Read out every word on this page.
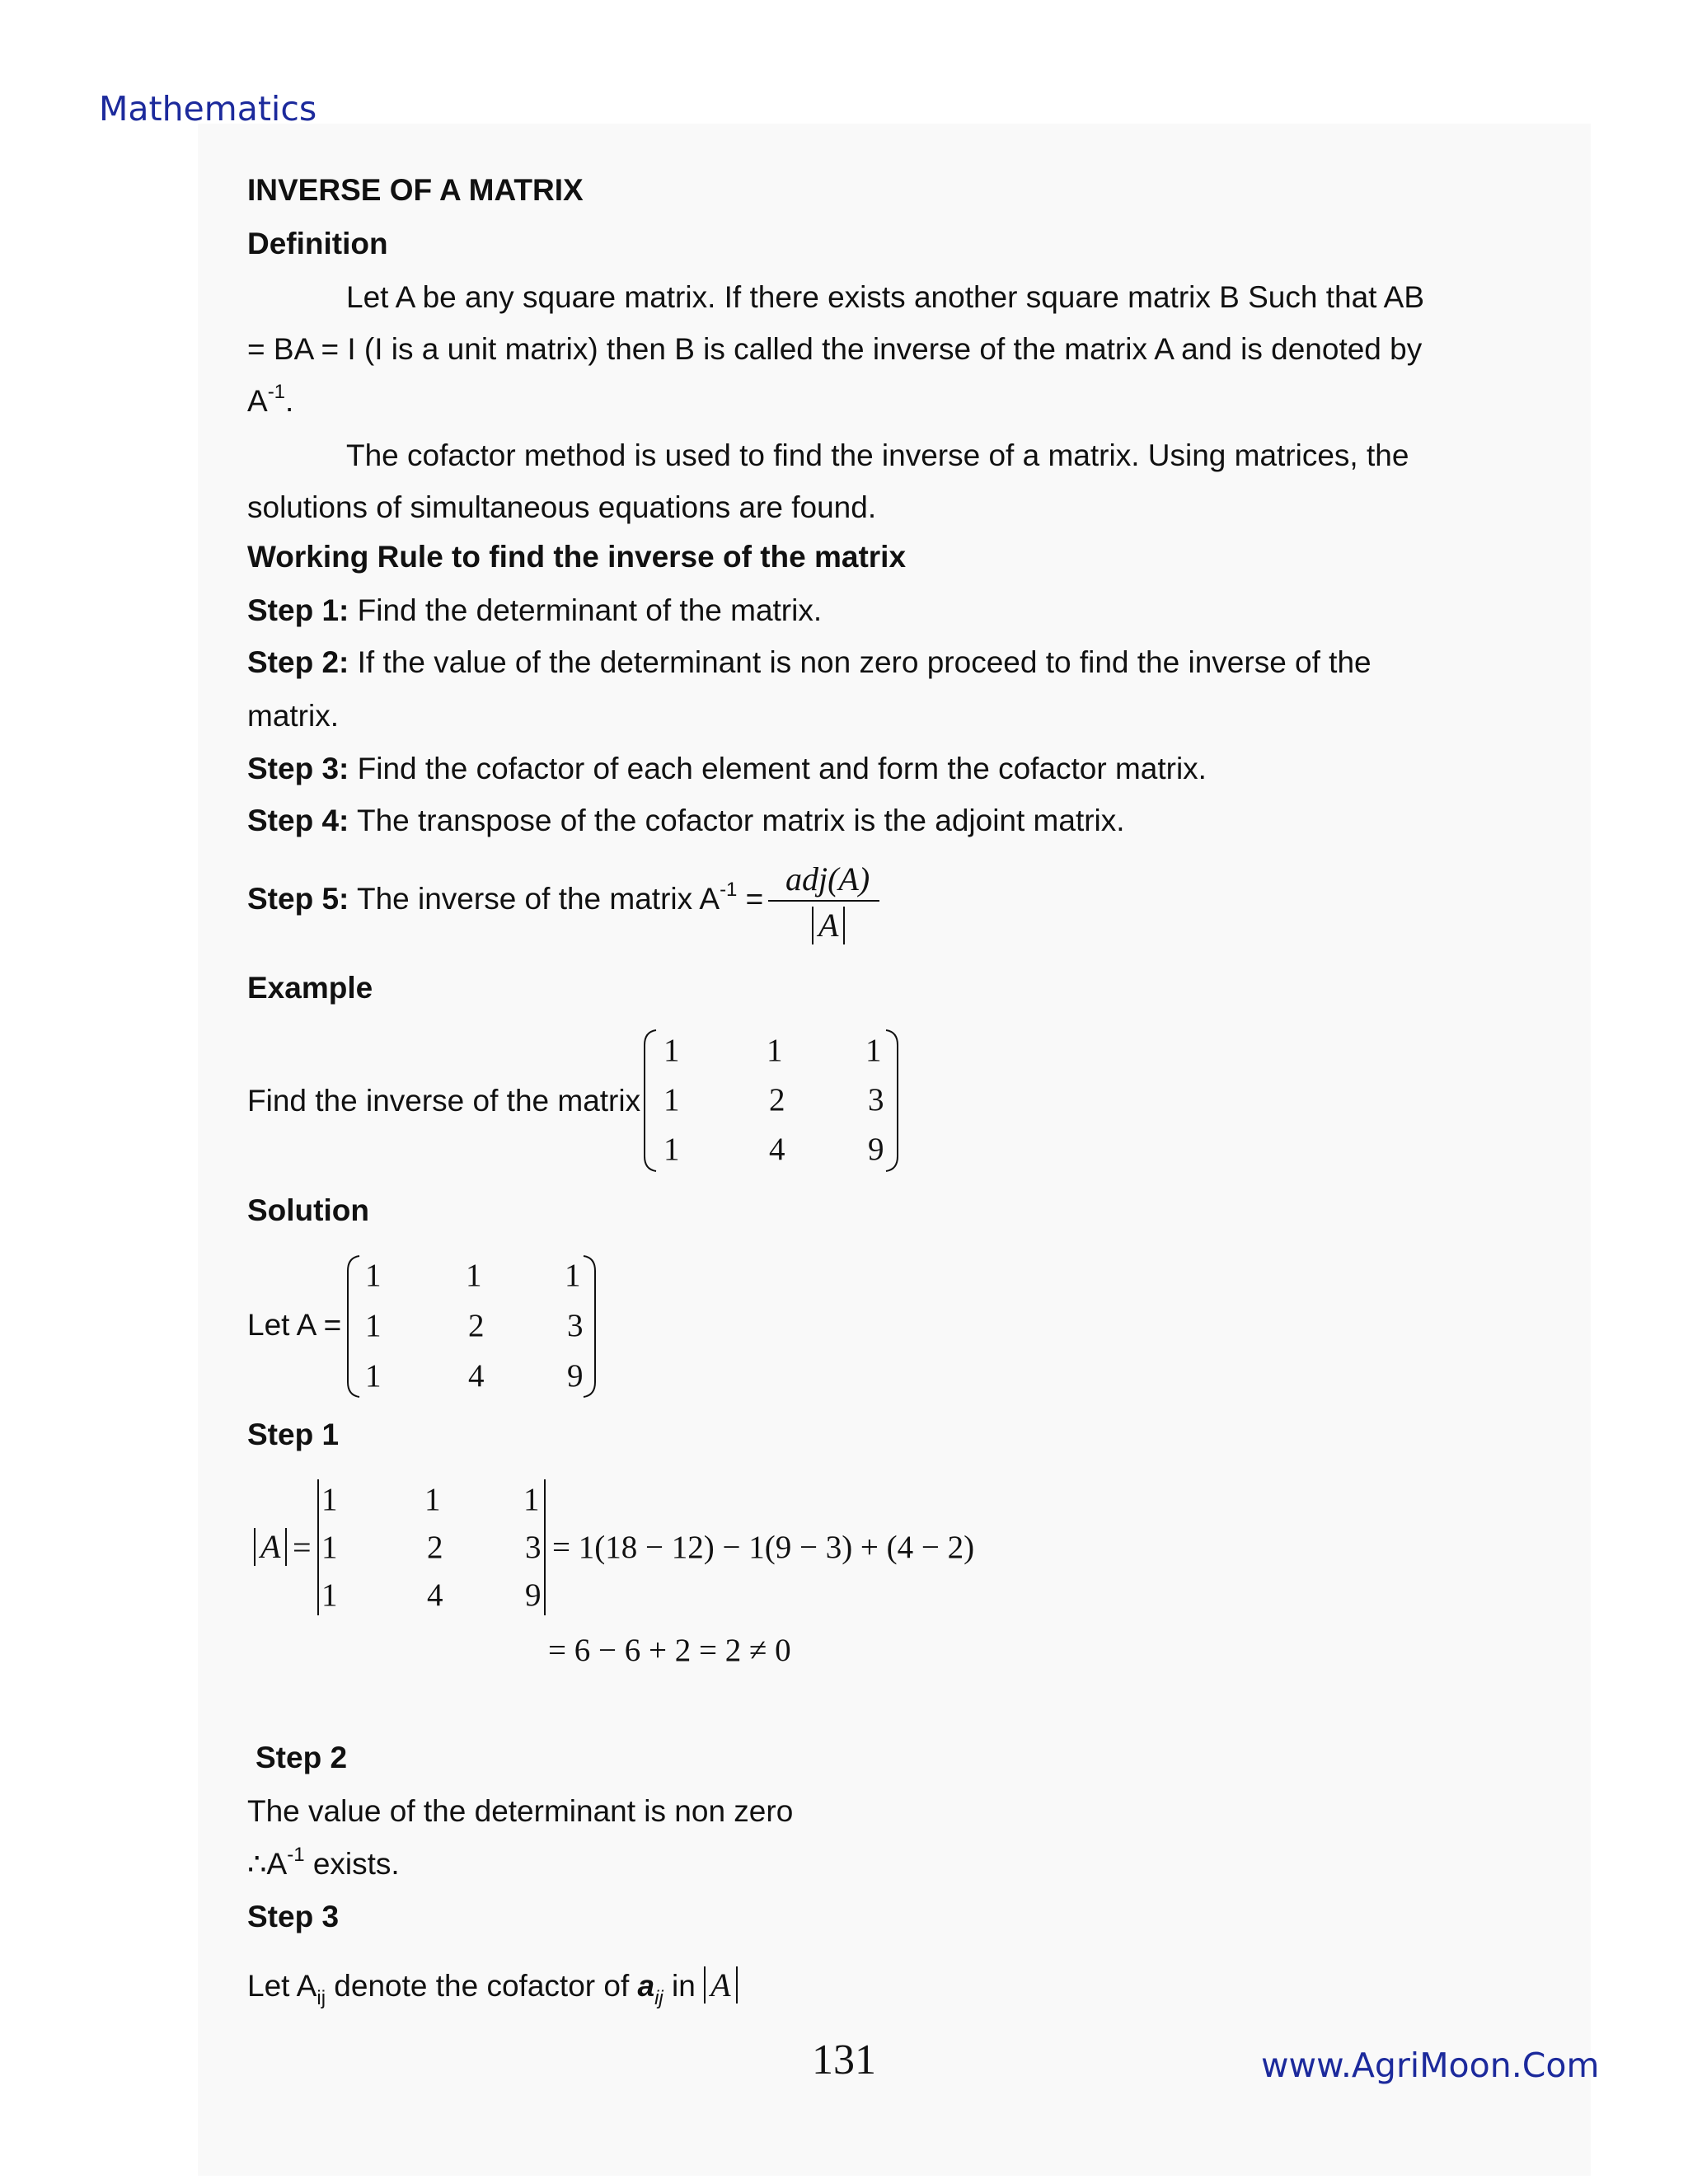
Mathematics
INVERSE OF A MATRIX
Definition
Let A be any square matrix. If there exists another square matrix B Such that AB
= BA = I (I is a unit matrix) then B is called the inverse of the matrix A and is denoted by
$A^{-1}$.
The cofactor method is used to find the inverse of a matrix. Using matrices, the
solutions of simultaneous equations are found.
Working Rule to find the inverse of the matrix
Step 1: Find the determinant of the matrix.
Step 2: If the value of the determinant is non zero proceed to find the inverse of the
matrix.
Step 3: Find the cofactor of each element and form the cofactor matrix.
Step 4: The transpose of the cofactor matrix is the adjoint matrix.
Step 5: The inverse of the matrix $A^{-1}$ =
adj(A)
A
Example
Find the inverse of the matrix
1	1	1
1	2	3
1	4	9
Solution
Let A =
1	1	1
1	2	3
1	4	9
Step 1
A =
1	1	1
1	2	3
1	4	9
= 1(18 − 12) − 1(9 − 3) + (4 − 2)
= 6 − 6 + 2 = 2 ≠ 0
Step 2
The value of the determinant is non zero
$\therefore A^{-1}$ exists.
Step 3
Let $A_{ij}$ denote the cofactor of $a_{ij}$ in A
131	www.AgriMoon.Com
